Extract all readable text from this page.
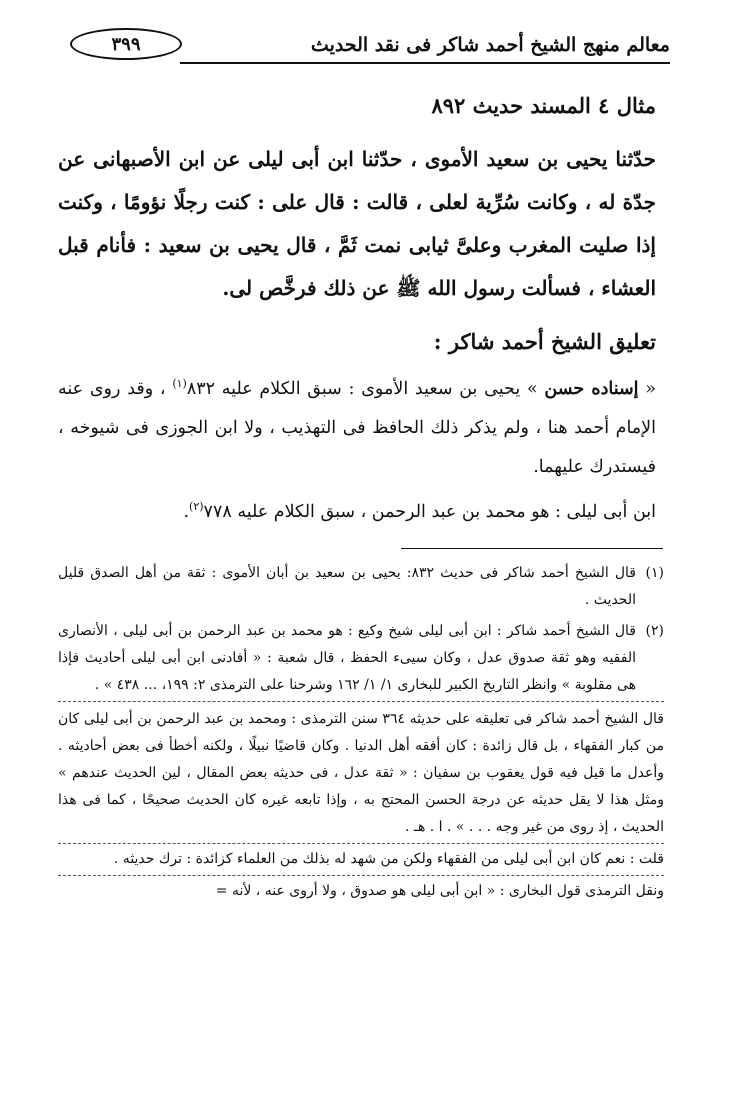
معالم منهج الشيخ أحمد شاكر فى نقد الحديث
٣٩٩
مثال ٤ المسند حديث ٨٩٢
حدّثنا يحيى بن سعيد الأموى ، حدّثنا ابن أبى ليلى عن ابن الأصبهانى عن جدّة له ، وكانت سُرِّية لعلى ، قالت : قال على : كنت رجلًا نؤومًا ، وكنت إذا صليت المغرب وعلىَّ ثيابى نمت ثَمَّ ، قال يحيى بن سعيد : فأنام قبل العشاء ، فسألت رسول الله ﷺ عن ذلك فرخَّص لى.
تعليق الشيخ أحمد شاكر :
« إسناده حسن » يحيى بن سعيد الأموى : سبق الكلام عليه ٨٣٢$^{(١)}$ ، وقد روى عنه الإمام أحمد هنا ، ولم يذكر ذلك الحافظ فى التهذيب ، ولا ابن الجوزى فى شيوخه ، فيستدرك عليهما.
ابن أبى ليلى : هو محمد بن عبد الرحمن ، سبق الكلام عليه ٧٧٨$^{(٢)}$.
(١)
قال الشيخ أحمد شاكر فى حديث ٨٣٢: يحيى بن سعيد بن أبان الأموى : ثقة من أهل الصدق قليل الحديث .
(٢)
قال الشيخ أحمد شاكر : ابن أبى ليلى شيخ وكيع : هو محمد بن عبد الرحمن بن أبى ليلى ، الأنصارى الفقيه وهو ثقة صدوق عدل ، وكان سيىء الحفظ ، قال شعبة : « أفادنى ابن أبى ليلى أحاديث فإذا هى مقلوبة » وانظر التاريخ الكبير للبخارى ١/ ١/ ١٦٢ وشرحنا على الترمذى ٢: ١٩٩، ... ٤٣٨ » .
قال الشيخ أحمد شاكر فى تعليقه على حديثه ٣٦٤ سنن الترمذى : ومحمد بن عبد الرحمن بن أبى ليلى كان من كبار الفقهاء ، بل قال زائدة : كان أفقه أهل الدنيا . وكان قاضيًا نبيلًا ، ولكنه أخطأ فى بعض أحاديثه . وأعدل ما قيل فيه قول يعقوب بن سفيان : « ثقة عدل ، فى حديثه بعض المقال ، لين الحديث عندهم » ومثل هذا لا يقل حديثه عن درجة الحسن المحتج به ، وإذا تابعه غيره كان الحديث صحيحًا ، كما فى هذا الحديث ، إذ روى من غير وجه . . . » . ا . هـ .
قلت : نعم كان ابن أبى ليلى من الفقهاء ولكن من شهد له بذلك من العلماء كزائدة : ترك حديثه .
ونقل الترمذى قول البخارى : « ابن أبى ليلى هو صدوق ، ولا أروى عنه ، لأنه =
